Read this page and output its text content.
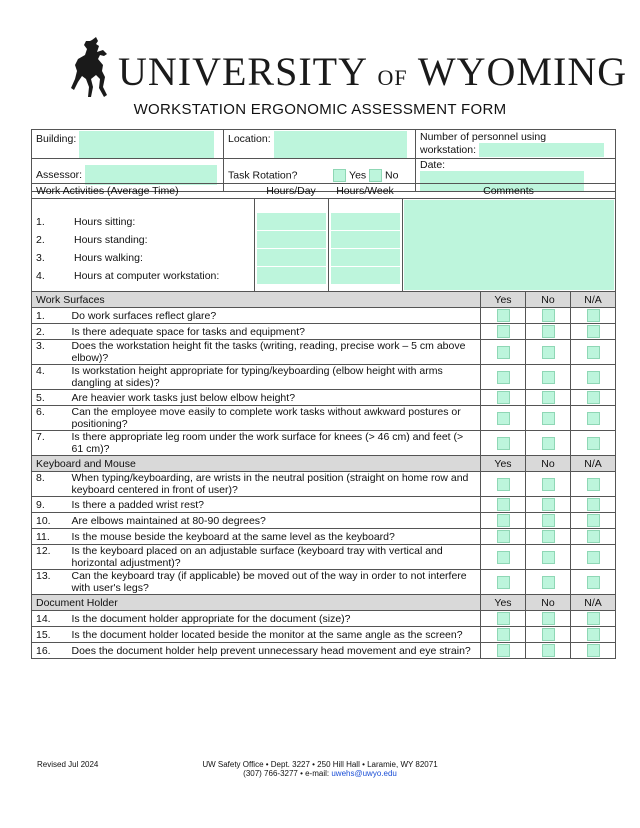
UNIVERSITY OF WYOMING
WORKSTATION ERGONOMIC ASSESSMENT FORM
Building:	Location:	Number of personnel using
workstation:

Assessor:	Task Rotation? Yes No	Date:
Work Activities (Average Time)	Hours/Day	Hours/Week	Comments

1. Hours sitting:
2. Hours standing:
3. Hours walking:
4. Hours at computer workstation:			

Work Surfaces		Yes	No	N/A
1.	Do work surfaces reflect glare?			
2.	Is there adequate space for tasks and equipment?			
3.	Does the workstation height fit the tasks (writing, reading, precise work – 5 cm above elbow)?			
4.	Is workstation height appropriate for typing/keyboarding (elbow height with arms dangling at sides)?			
5.	Are heavier work tasks just below elbow height?			
6.	Can the employee move easily to complete work tasks without awkward postures or positioning?			
7.	Is there appropriate leg room under the work surface for knees (> 46 cm) and feet (> 61 cm)?			
Keyboard and Mouse		Yes	No	N/A
8.	When typing/keyboarding, are wrists in the neutral position (straight on home row and keyboard centered in front of user)?			
9.	Is there a padded wrist rest?			
10.	Are elbows maintained at 80-90 degrees?			
11.	Is the mouse beside the keyboard at the same level as the keyboard?			
12.	Is the keyboard placed on an adjustable surface (keyboard tray with vertical and horizontal adjustment)?			
13.	Can the keyboard tray (if applicable) be moved out of the way in order to not interfere with user's legs?			
Document Holder		Yes	No	N/A
14.	Is the document holder appropriate for the document (size)?			
15.	Is the document holder located beside the monitor at the same angle as the screen?			
16.	Does the document holder help prevent unnecessary head movement and eye strain?			
Revised Jul 2024	UW Safety Office • Dept. 3227 • 250 Hill Hall • Laramie, WY 82071
(307) 766-3277 • e-mail: uwehs@uwyo.edu
